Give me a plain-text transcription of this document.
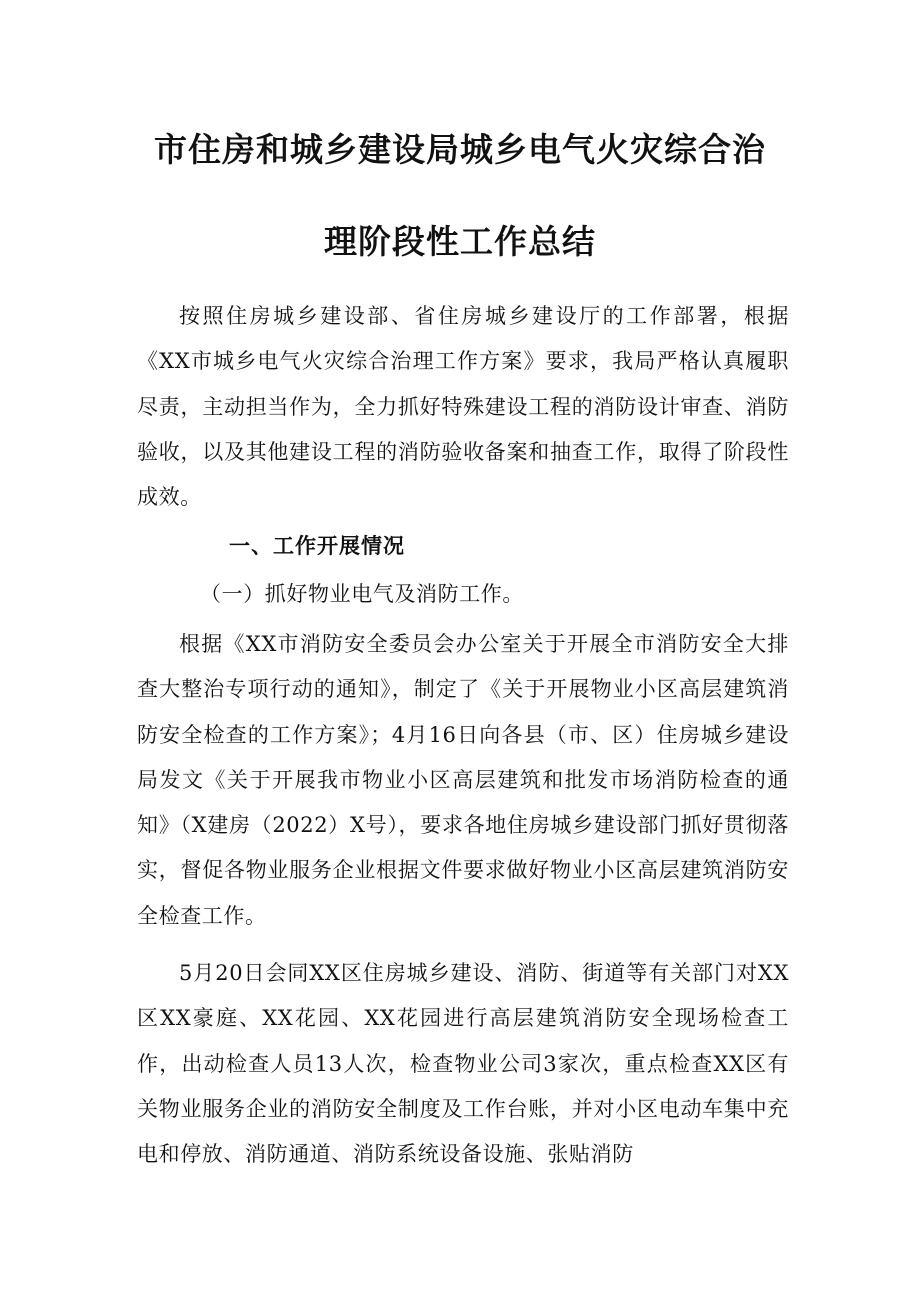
市住房和城乡建设局城乡电气火灾综合治
理阶段性工作总结

按照住房城乡建设部、省住房城乡建设厅的工作部署，根据《XX市城乡电气火灾综合治理工作方案》要求，我局严格认真履职尽责，主动担当作为，全力抓好特殊建设工程的消防设计审查、消防验收，以及其他建设工程的消防验收备案和抽查工作，取得了阶段性成效。

一、工作开展情况
（一）抓好物业电气及消防工作。

根据《XX市消防安全委员会办公室关于开展全市消防安全大排查大整治专项行动的通知》，制定了《关于开展物业小区高层建筑消防安全检查的工作方案》；4月16日向各县（市、区）住房城乡建设局发文《关于开展我市物业小区高层建筑和批发市场消防检查的通知》（X建房（2022）X号），要求各地住房城乡建设部门抓好贯彻落实，督促各物业服务企业根据文件要求做好物业小区高层建筑消防安全检查工作。

5月20日会同XX区住房城乡建设、消防、街道等有关部门对XX区XX豪庭、XX花园、XX花园进行高层建筑消防安全现场检查工作，出动检查人员13人次，检查物业公司3家次，重点检查XX区有关物业服务企业的消防安全制度及工作台账，并对小区电动车集中充电和停放、消防通道、消防系统设备设施、张贴消防
